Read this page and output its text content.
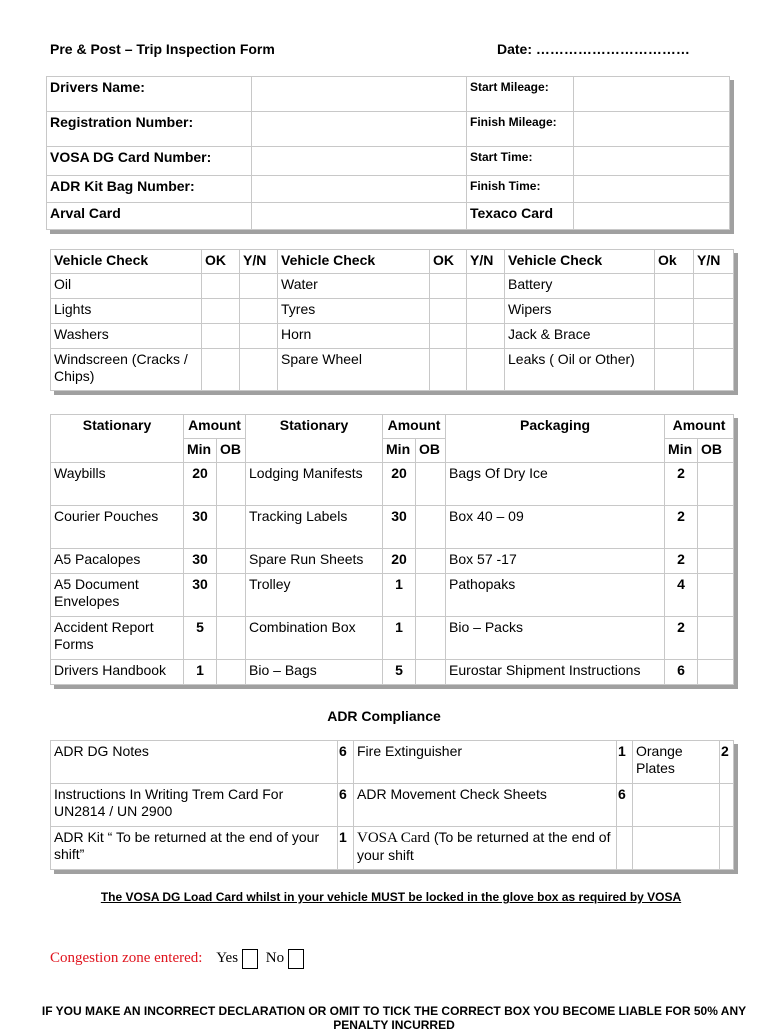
Pre & Post – Trip Inspection Form	Date: ……………………………
Drivers Name:		Start Mileage:	
Registration Number:		Finish Mileage:	
VOSA DG Card Number:		Start Time:	
ADR Kit Bag Number:		Finish Time:	
Arval Card		Texaco Card	
Vehicle Check	OK	Y/N	Vehicle Check	OK	Y/N	Vehicle Check	Ok	Y/N
Oil			Water			Battery		
Lights			Tyres			Wipers		
Washers			Horn			Jack & Brace		
Windscreen (Cracks / Chips)			Spare Wheel			Leaks ( Oil or Other)		
Stationary	Amount		Stationary	Amount		Packaging	Amount	
	Min	OB		Min	OB		Min	OB
Waybills	20		Lodging Manifests	20		Bags Of Dry Ice	2	
Courier Pouches	30		Tracking Labels	30		Box 40 – 09	2	
A5 Pacalopes	30		Spare Run Sheets	20		Box 57 -17	2	
A5 Document Envelopes	30		Trolley	1		Pathopaks	4	
Accident Report Forms	5		Combination Box	1		Bio – Packs	2	
Drivers Handbook	1		Bio – Bags	5		Eurostar Shipment Instructions	6	
ADR Compliance
ADR DG Notes	6	Fire Extinguisher	1	Orange Plates	2
Instructions In Writing Trem Card For UN2814 / UN 2900	6	ADR Movement Check Sheets	6		
ADR Kit “ To be returned at the end of your shift”	1	VOSA Card (To be returned at the end of your shift			
The VOSA DG Load Card whilst in your vehicle MUST be locked in the glove box as required by VOSA
Congestion zone entered: Yes No
IF YOU MAKE AN INCORRECT DECLARATION OR OMIT TO TICK THE CORRECT BOX YOU BECOME LIABLE FOR 50% ANY PENALTY INCURRED
